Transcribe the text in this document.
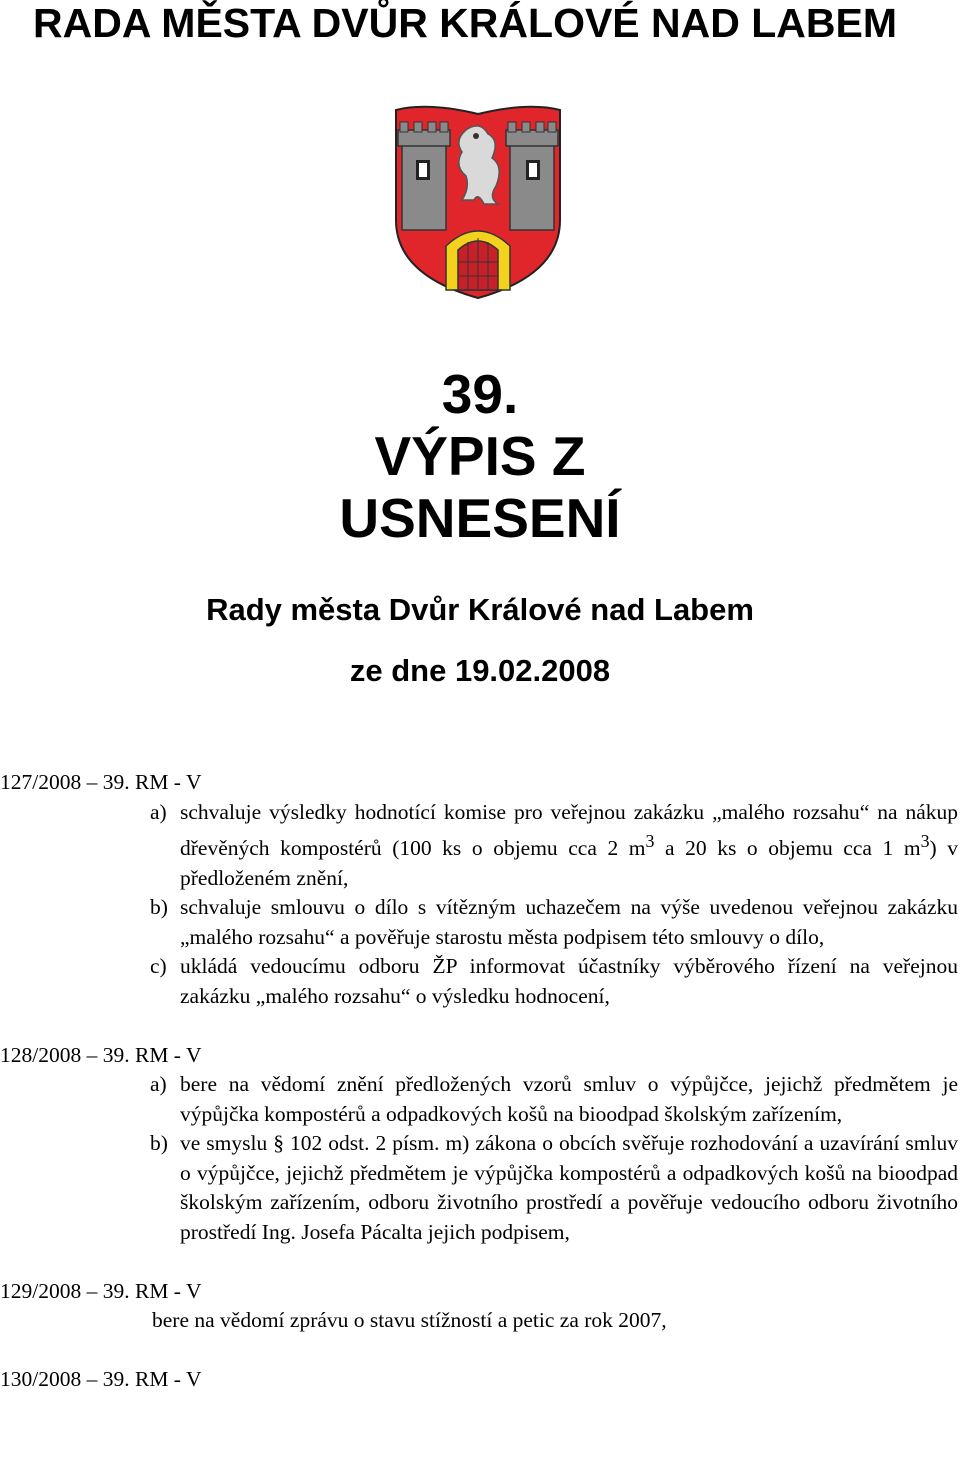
RADA MĚSTA DVŮR KRÁLOVÉ NAD LABEM
39.
VÝPIS Z
USNESENÍ
Rady města Dvůr Králové nad Labem
ze dne 19.02.2008
127/2008 – 39. RM - V
a) schvaluje výsledky hodnotící komise pro veřejnou zakázku „malého rozsahu“ na nákup dřevěných kompostérů (100 ks o objemu cca 2 $m^3$ a 20 ks o objemu cca 1 $m^3$) v předloženém znění,
b) schvaluje smlouvu o dílo s vítězným uchazečem na výše uvedenou veřejnou zakázku „malého rozsahu“ a pověřuje starostu města podpisem této smlouvy o dílo,
c) ukládá vedoucímu odboru ŽP informovat účastníky výběrového řízení na veřejnou zakázku „malého rozsahu“ o výsledku hodnocení,
128/2008 – 39. RM - V
a) bere na vědomí znění předložených vzorů smluv o výpůjčce, jejichž předmětem je výpůjčka kompostérů a odpadkových košů na bioodpad školským zařízením,
b) ve smyslu § 102 odst. 2 písm. m) zákona o obcích svěřuje rozhodování a uzavírání smluv o výpůjčce, jejichž předmětem je výpůjčka kompostérů a odpadkových košů na bioodpad školským zařízením, odboru životního prostředí a pověřuje vedoucího odboru životního prostředí Ing. Josefa Pácalta jejich podpisem,
129/2008 – 39. RM - V
bere na vědomí zprávu o stavu stížností a petic za rok 2007,
130/2008 – 39. RM - V
